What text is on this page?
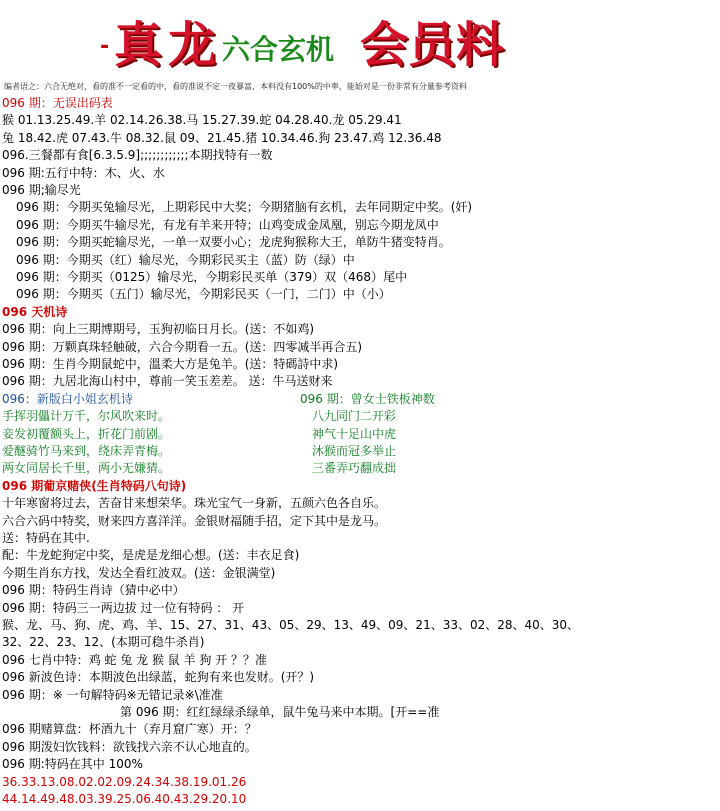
- 真 龙 六合玄机 会员料
编者语之：六合无绝对，看的准不一定看的中，看的准说不定一夜暴富，本料没有100%的中率，能始对是一份非常有分量参考资料
096 期：无误出码表
猴 01.13.25.49.羊 02.14.26.38.马 15.27.39.蛇 04.28.40.龙 05.29.41
兔 18.42.虎 07.43.牛 08.32.鼠 09、21.45.猪 10.34.46.狗 23.47.鸡 12.36.48
096.三餐都有食[6.3.5.9];;;;;;;;;;;;本期找特有一数
096 期:五行中特：木、火、水
096 期;输尽光
096 期：今期买兔输尽光，上期彩民中大奖；今期猪脑有玄机，去年同期定中奖。(奸)
096 期：今期买牛输尽光，有龙有羊来开特；山鸡变成金凤凰，别忘今期龙凤中
096 期：今期买蛇输尽光，一单一双要小心；龙虎狗猴称大王，单防牛猪变特肖。
096 期：今期买（红）输尽光，今期彩民买主（蓝）防（绿）中
096 期：今期买（0125）输尽光，今期彩民买单（379）双（468）尾中
096 期：今期买（五门）输尽光，今期彩民买（一门，二门）中（小）
096 天机诗
096 期：向上三期博期号，玉狗初临日月长。(送：不如鸡)
096 期：万颗真珠轻触破，六合今期看一五。(送：四零减半再合五)
096 期：生肖今期鼠蛇中，溫柔大方是兔羊。(送：特碼詩中求)
096 期：九居北海山村中，尊前一笑玉差差。 送：牛马送财来
096：新版白小姐玄机诗	096 期：曾女士铁板神数
手挥羽儡计万千，尔风吹来时。	八九同门二开彩
妾发初覆额头上，折花门前剧。	神气十足山中虎
爱醚骑竹马来到，绕床弄青梅。	沐猴而冠多举止
两女同居长千里，两小无嫌猜。	三番弄巧翻成拙
096 期葡京赌侠(生肖特码八句诗)
十年寒窗将过去，苦奋甘来想荣华。珠光宝气一身新，五颜六色各自乐。
六合六码中特奖，财来四方喜洋洋。金银财福随手招，定下其中是龙马。
送：特码在其中.
配：牛龙蛇狗定中奖，是虎是龙细心想。(送：丰衣足食)
今期生肖东方找，发达全看红波双。(送：金银满堂)
096 期：特码生肖诗（猜中必中）
096 期：特码三一两边拔 过一位有特码 ： 开
猴、龙、马、狗、虎、鸡、羊、15、27、31、43、05、29、13、49、09、21、33、02、28、40、30、
32、22、23、12、(本期可稳牛杀肖)
096 七肖中特：鸡 蛇 兔 龙 猴 鼠 羊 狗 开 ？？准
096 新波色诗：本期波色出绿蓝，蛇狗有来也发财。(开？)
096 期：※ 一句解特码※无错记录※\准准
第 096 期：红红绿绿杀绿单，鼠牛兔马来中本期。[开==准
096 期赌算盘：杯酒九十（弃月窟广寒）开：？
096 期泼妇饮钱料：欲钱找六亲不认心地直的。
096 期:特码在其中 100%
36.33.13.08.02.02.09.24.34.38.19.01.26
44.14.49.48.03.39.25.06.40.43.29.20.10
